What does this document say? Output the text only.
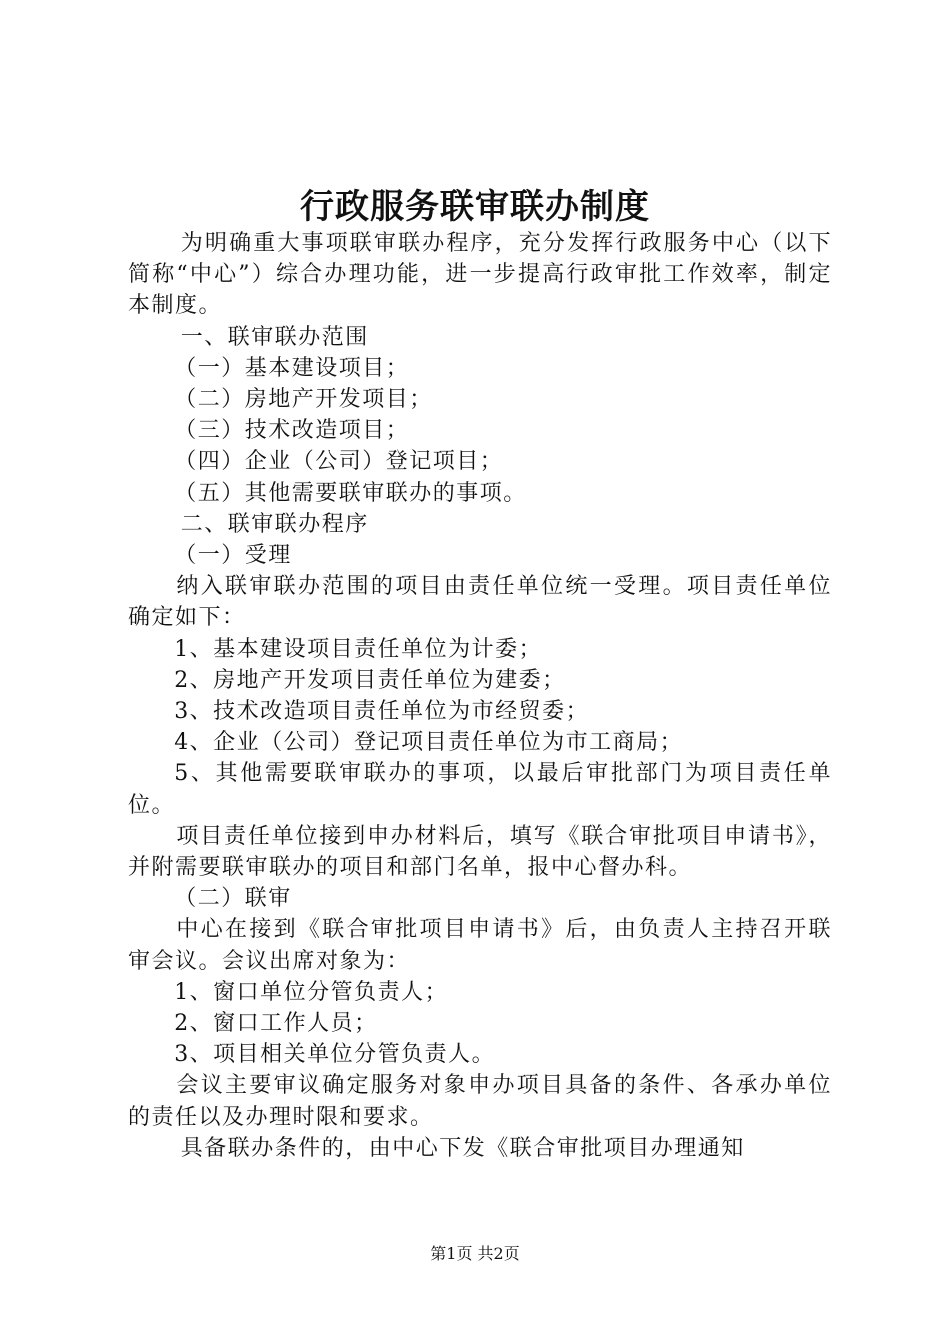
行政服务联审联办制度

为明确重大事项联审联办程序，充分发挥行政服务中心（以下简称“中心”）综合办理功能，进一步提高行政审批工作效率，制定本制度。

一、联审联办范围

（一）基本建设项目；

（二）房地产开发项目；

（三）技术改造项目；

（四）企业（公司）登记项目；

（五）其他需要联审联办的事项。

二、联审联办程序

（一）受理

纳入联审联办范围的项目由责任单位统一受理。项目责任单位确定如下：

1、基本建设项目责任单位为计委；

2、房地产开发项目责任单位为建委；

3、技术改造项目责任单位为市经贸委；

4、企业（公司）登记项目责任单位为市工商局；

5、其他需要联审联办的事项，以最后审批部门为项目责任单位。

项目责任单位接到申办材料后，填写《联合审批项目申请书》，并附需要联审联办的项目和部门名单，报中心督办科。

（二）联审

中心在接到《联合审批项目申请书》后，由负责人主持召开联审会议。会议出席对象为：

1、窗口单位分管负责人；

2、窗口工作人员；

3、项目相关单位分管负责人。

会议主要审议确定服务对象申办项目具备的条件、各承办单位的责任以及办理时限和要求。

具备联办条件的，由中心下发《联合审批项目办理通知

第1页 共2页
